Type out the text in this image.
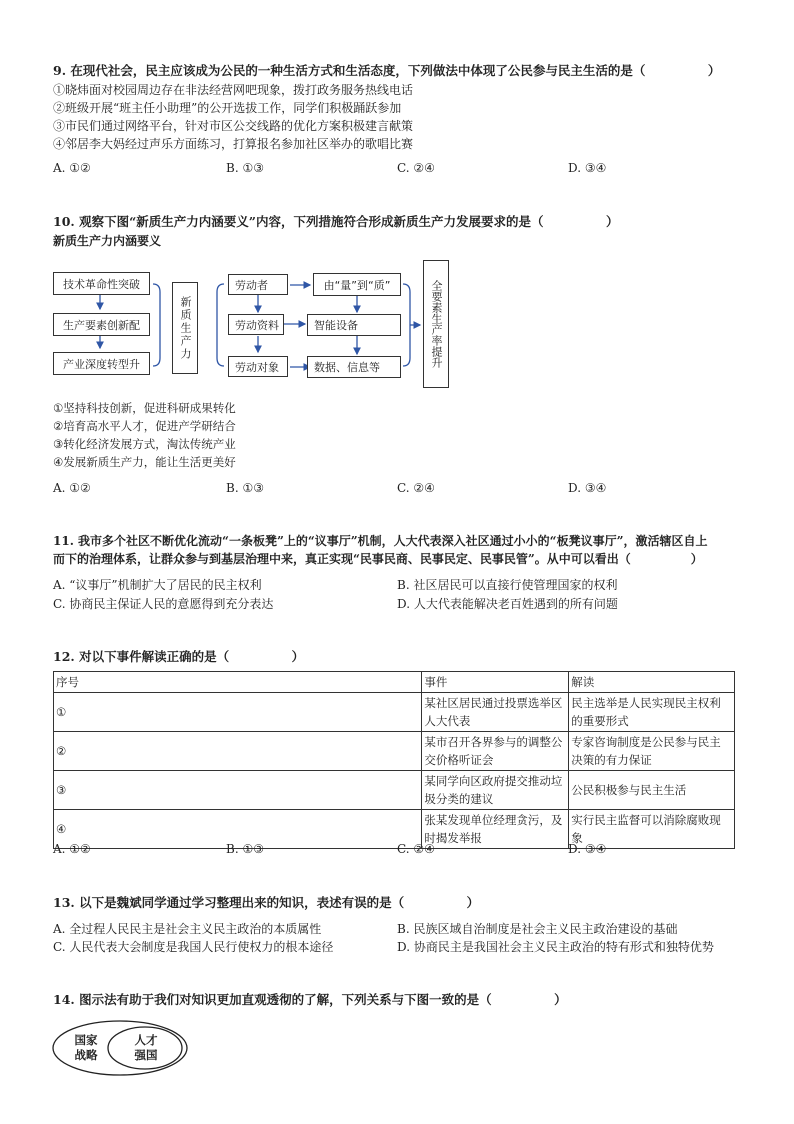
9. 在现代社会，民主应该成为公民的一种生活方式和生活态度，下列做法中体现了公民参与民主生活的是（　　　　　）
①晓炜面对校园周边存在非法经营网吧现象，拨打政务服务热线电话
②班级开展“班主任小助理”的公开选拔工作，同学们积极踊跃参加
③市民们通过网络平台，针对市区公交线路的优化方案积极建言献策
④邻居李大妈经过声乐方面练习，打算报名参加社区举办的歌唱比赛
A. ①②	B. ①③	C. ②④	D. ③④
10. 观察下图“新质生产力内涵要义”内容，下列措施符合形成新质生产力发展要求的是（　　　　　）
新质生产力内涵要义
技术革命性突破
生产要素创新配
产业深度转型升
新质生产力
劳动者
劳动资料
劳动对象
由“量”到“质”
智能设备
数据、信息等	全要素生产率提升
①坚持科技创新，促进科研成果转化
②培育高水平人才，促进产学研结合
③转化经济发展方式，淘汰传统产业
④发展新质生产力，能让生活更美好
A. ①②	B. ①③	C. ②④	D. ③④
11. 我市多个社区不断优化流动“一条板凳”上的“议事厅”机制，人大代表深入社区通过小小的“板凳议事厅”，激活辖区自上
而下的治理体系，让群众参与到基层治理中来，真正实现“民事民商、民事民定、民事民管”。从中可以看出（　　　　　）
A. “议事厅”机制扩大了居民的民主权利	B. 社区居民可以直接行使管理国家的权利
C. 协商民主保证人民的意愿得到充分表达	D. 人大代表能解决老百姓遇到的所有问题
12. 对以下事件解读正确的是（　　　　　）
序号	事件	解读
①	某社区居民通过投票选举区人大代表	民主选举是人民实现民主权利的重要形式
②	某市召开各界参与的调整公交价格听证会	专家咨询制度是公民参与民主决策的有力保证
③	某同学向区政府提交推动垃圾分类的建议	公民积极参与民主生活
④	张某发现单位经理贪污，及时揭发举报	实行民主监督可以消除腐败现象
A. ①②	B. ①③	C. ②④	D. ③④
13. 以下是魏斌同学通过学习整理出来的知识，表述有误的是（　　　　　）
A. 全过程人民民主是社会主义民主政治的本质属性	B. 民族区域自治制度是社会主义民主政治建设的基础
C. 人民代表大会制度是我国人民行使权力的根本途径	D. 协商民主是我国社会主义民主政治的特有形式和独特优势
14. 图示法有助于我们对知识更加直观透彻的了解，下列关系与下图一致的是（　　　　　）
国家战略
人才强国
